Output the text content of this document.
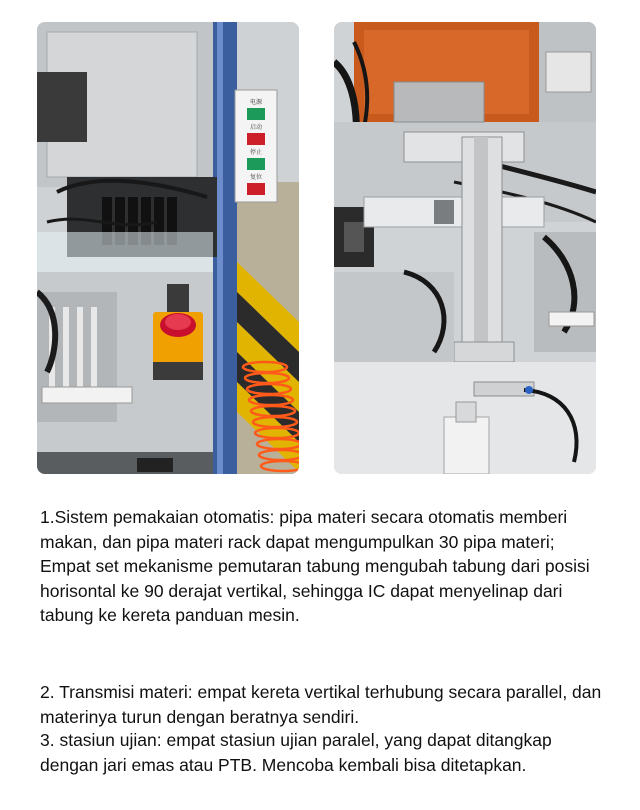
电源
启动
停止
复位

1.Sistem pemakaian otomatis: pipa materi secara otomatis memberi makan, dan pipa materi rack dapat mengumpulkan 30 pipa materi; Empat set mekanisme pemutaran tabung mengubah tabung dari posisi horisontal ke 90 derajat vertikal, sehingga IC dapat menyelinap dari tabung ke kereta panduan mesin.

2. Transmisi materi: empat kereta vertikal terhubung secara parallel, dan materinya turun dengan beratnya sendiri.

3. stasiun ujian: empat stasiun ujian paralel, yang dapat ditangkap dengan jari emas atau PTB. Mencoba kembali bisa ditetapkan.
